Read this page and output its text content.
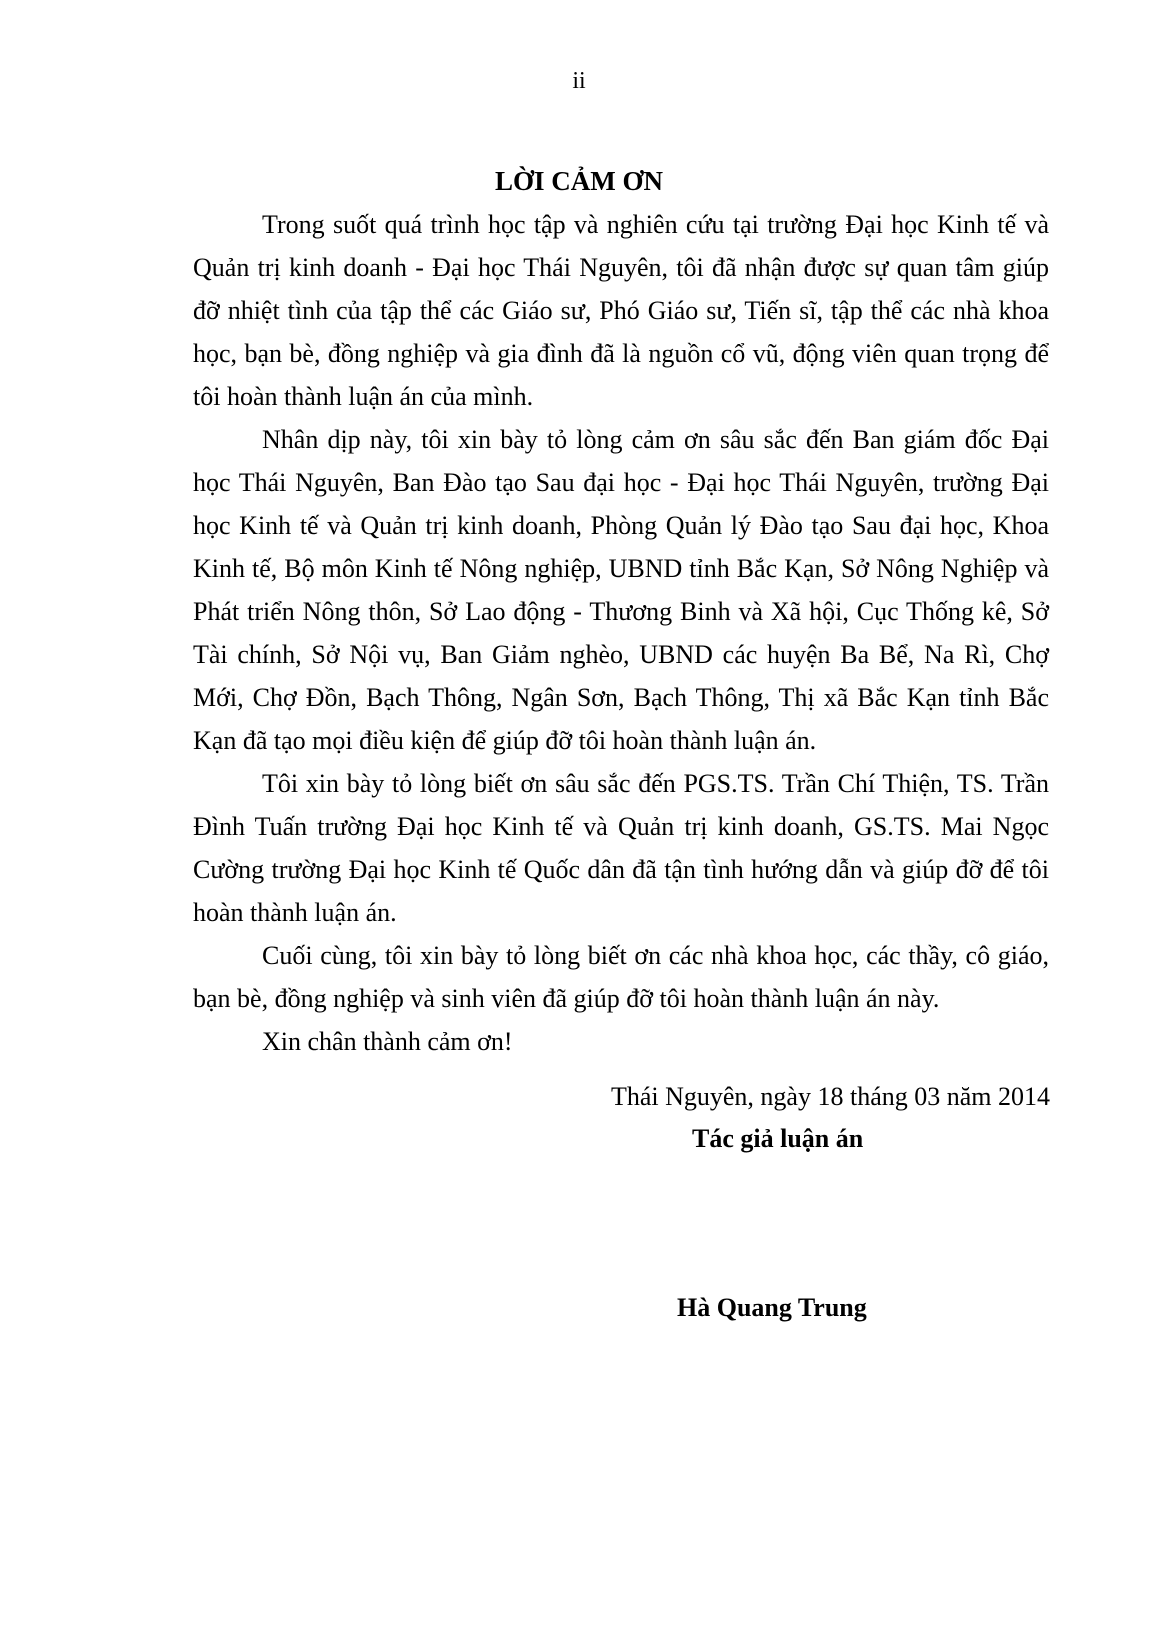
ii
LỜI CẢM ƠN

Trong suốt quá trình học tập và nghiên cứu tại trường Đại học Kinh tế và Quản trị kinh doanh - Đại học Thái Nguyên, tôi đã nhận được sự quan tâm giúp đỡ nhiệt tình của tập thể các Giáo sư, Phó Giáo sư, Tiến sĩ, tập thể các nhà khoa học, bạn bè, đồng nghiệp và gia đình đã là nguồn cổ vũ, động viên quan trọng để tôi hoàn thành luận án của mình.

Nhân dịp này, tôi xin bày tỏ lòng cảm ơn sâu sắc đến Ban giám đốc Đại học Thái Nguyên, Ban Đào tạo Sau đại học - Đại học Thái Nguyên, trường Đại học Kinh tế và Quản trị kinh doanh, Phòng Quản lý Đào tạo Sau đại học, Khoa Kinh tế, Bộ môn Kinh tế Nông nghiệp, UBND tỉnh Bắc Kạn, Sở Nông Nghiệp và Phát triển Nông thôn, Sở Lao động - Thương Binh và Xã hội, Cục Thống kê, Sở Tài chính, Sở Nội vụ, Ban Giảm nghèo, UBND các huyện Ba Bể, Na Rì, Chợ Mới, Chợ Đồn, Bạch Thông, Ngân Sơn, Bạch Thông, Thị xã Bắc Kạn tỉnh Bắc Kạn đã tạo mọi điều kiện để giúp đỡ tôi hoàn thành luận án.

Tôi xin bày tỏ lòng biết ơn sâu sắc đến PGS.TS. Trần Chí Thiện, TS. Trần Đình Tuấn trường Đại học Kinh tế và Quản trị kinh doanh, GS.TS. Mai Ngọc Cường trường Đại học Kinh tế Quốc dân đã tận tình hướng dẫn và giúp đỡ để tôi hoàn thành luận án.

Cuối cùng, tôi xin bày tỏ lòng biết ơn các nhà khoa học, các thầy, cô giáo, bạn bè, đồng nghiệp và sinh viên đã giúp đỡ tôi hoàn thành luận án này.

Xin chân thành cảm ơn!

Thái Nguyên, ngày 18 tháng 03 năm 2014
Tác giả luận án
Hà Quang Trung
